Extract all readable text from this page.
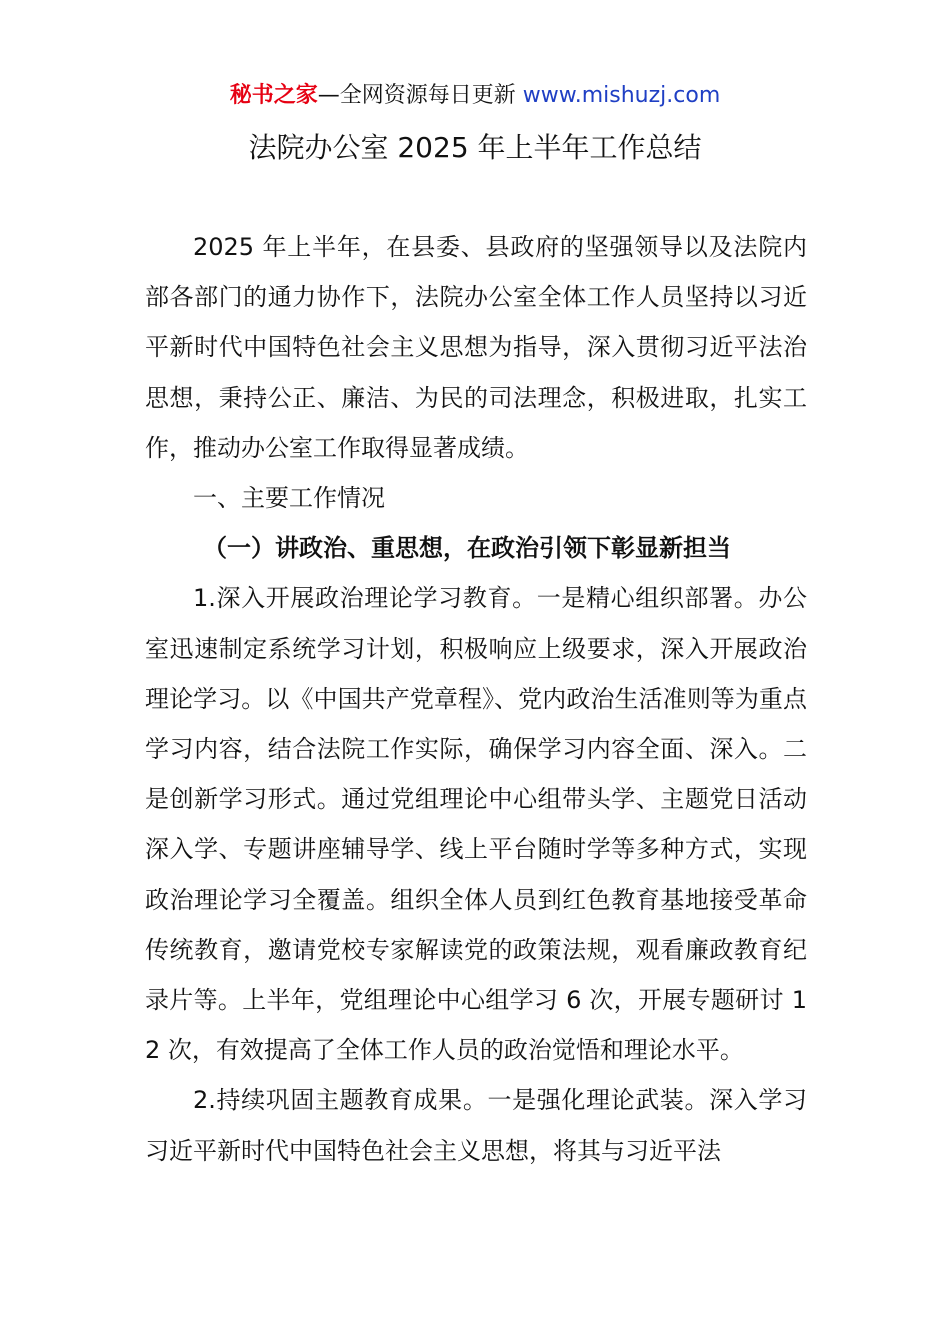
秘书之家—全网资源每日更新 www.mishuzj.com
法院办公室 2025 年上半年工作总结

2025 年上半年，在县委、县政府的坚强领导以及法院内部各部门的通力协作下，法院办公室全体工作人员坚持以习近平新时代中国特色社会主义思想为指导，深入贯彻习近平法治思想，秉持公正、廉洁、为民的司法理念，积极进取，扎实工作，推动办公室工作取得显著成绩。

一、主要工作情况

（一）讲政治、重思想，在政治引领下彰显新担当

1.深入开展政治理论学习教育。一是精心组织部署。办公室迅速制定系统学习计划，积极响应上级要求，深入开展政治理论学习。以《中国共产党章程》、党内政治生活准则等为重点学习内容，结合法院工作实际，确保学习内容全面、深入。二是创新学习形式。通过党组理论中心组带头学、主题党日活动深入学、专题讲座辅导学、线上平台随时学等多种方式，实现政治理论学习全覆盖。组织全体人员到红色教育基地接受革命传统教育，邀请党校专家解读党的政策法规，观看廉政教育纪录片等。上半年，党组理论中心组学习 6 次，开展专题研讨 12 次，有效提高了全体工作人员的政治觉悟和理论水平。

2.持续巩固主题教育成果。一是强化理论武装。深入学习习近平新时代中国特色社会主义思想，将其与习近平法
